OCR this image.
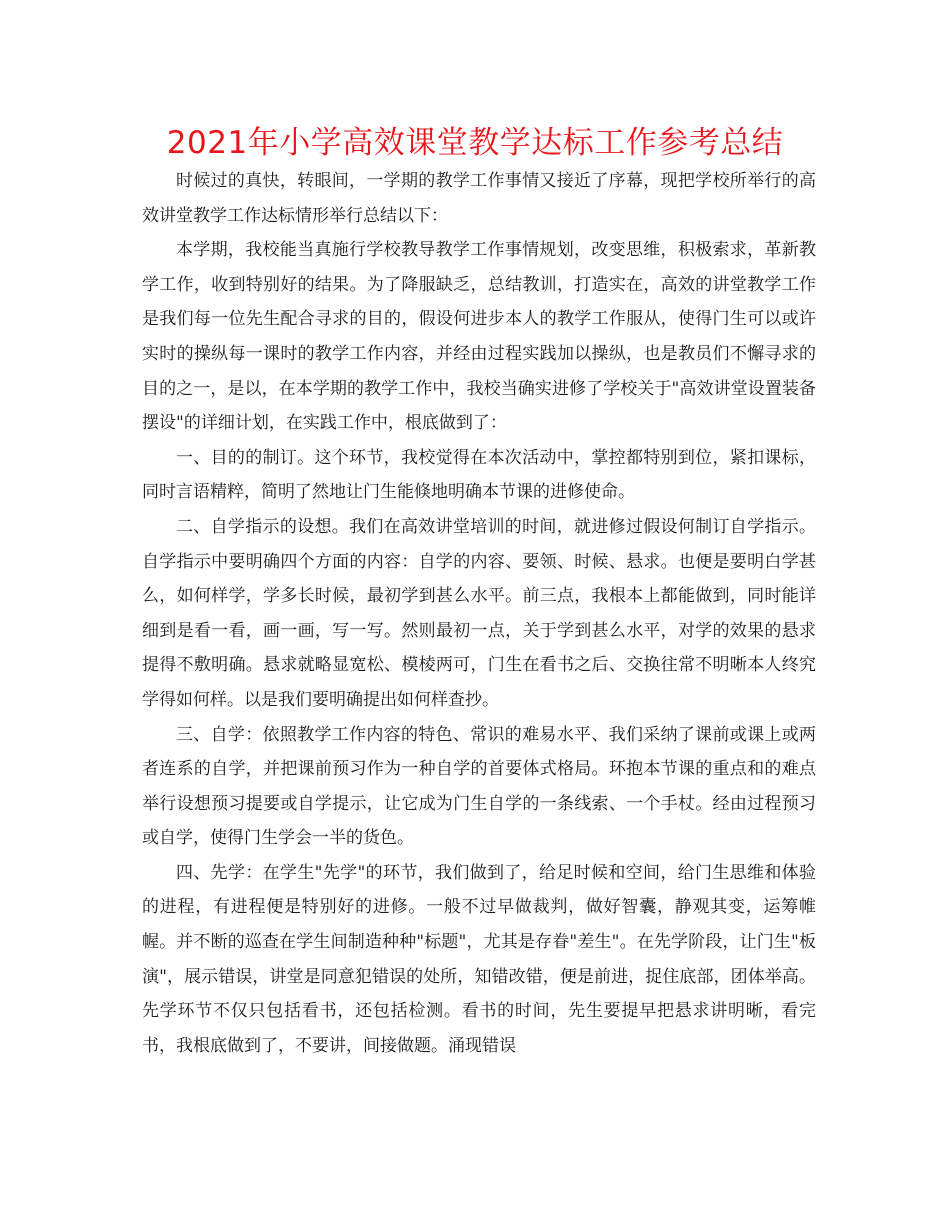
2021年小学高效课堂教学达标工作参考总结

时候过的真快，转眼间，一学期的教学工作事情又接近了序幕，现把学校所举行的高效讲堂教学工作达标情形举行总结以下：

本学期，我校能当真施行学校教导教学工作事情规划，改变思维，积极索求，革新教学工作，收到特别好的结果。为了降服缺乏，总结教训，打造实在，高效的讲堂教学工作是我们每一位先生配合寻求的目的，假设何进步本人的教学工作服从，使得门生可以或许实时的操纵每一课时的教学工作内容，并经由过程实践加以操纵，也是教员们不懈寻求的目的之一，是以，在本学期的教学工作中，我校当确实进修了学校关于"高效讲堂设置装备摆设"的详细计划，在实践工作中，根底做到了：

一、目的的制订。这个环节，我校觉得在本次活动中，掌控都特别到位，紧扣课标，同时言语精粹，简明了然地让门生能倏地明确本节课的进修使命。

二、自学指示的设想。我们在高效讲堂培训的时间，就进修过假设何制订自学指示。自学指示中要明确四个方面的内容：自学的内容、要领、时候、悬求。也便是要明白学甚么，如何样学，学多长时候，最初学到甚么水平。前三点，我根本上都能做到，同时能详细到是看一看，画一画，写一写。然则最初一点，关于学到甚么水平，对学的效果的悬求提得不敷明确。悬求就略显宽松、模棱两可，门生在看书之后、交换往常不明晰本人终究学得如何样。以是我们要明确提出如何样查抄。

三、自学：依照教学工作内容的特色、常识的难易水平、我们采纳了课前或课上或两者连系的自学，并把课前预习作为一种自学的首要体式格局。环抱本节课的重点和的难点举行设想预习提要或自学提示，让它成为门生自学的一条线索、一个手杖。经由过程预习或自学，使得门生学会一半的货色。

四、先学：在学生"先学"的环节，我们做到了，给足时候和空间，给门生思维和体验的进程，有进程便是特别好的进修。一般不过早做裁判，做好智囊，静观其变，运筹帷幄。并不断的巡查在学生间制造种种"标题"，尤其是存眷"差生"。在先学阶段，让门生"板演"，展示错误，讲堂是同意犯错误的处所，知错改错，便是前进，捉住底部，团体举高。先学环节不仅只包括看书，还包括检测。看书的时间，先生要提早把悬求讲明晰，看完书，我根底做到了，不要讲，间接做题。涌现错误
